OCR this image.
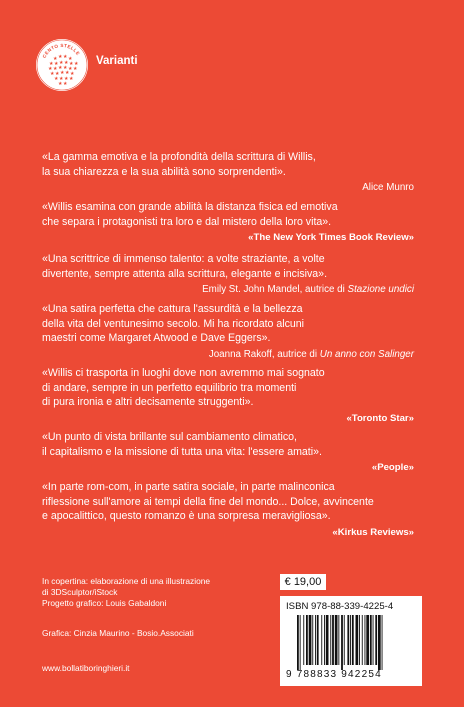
★ ★ ★ ★
★ ★ ★ ★ ★ ★
★ ★ ★ ★ ★ ★
★ ★ ★ ★ ★
★ ★ ★ ★
★ ★
CENTO STELLE
Varianti

«La gamma emotiva e la profondità della scrittura di Willis,
la sua chiarezza e la sua abilità sono sorprendenti».

Alice Munro

«Willis esamina con grande abilità la distanza fisica ed emotiva
che separa i protagonisti tra loro e dal mistero della loro vita».

«The New York Times Book Review»

«Una scrittrice di immenso talento: a volte straziante, a volte
divertente, sempre attenta alla scrittura, elegante e incisiva».

Emily St. John Mandel, autrice di Stazione undici

«Una satira perfetta che cattura l'assurdità e la bellezza
della vita del ventunesimo secolo. Mi ha ricordato alcuni
maestri come Margaret Atwood e Dave Eggers».

Joanna Rakoff, autrice di Un anno con Salinger

«Willis ci trasporta in luoghi dove non avremmo mai sognato
di andare, sempre in un perfetto equilibrio tra momenti
di pura ironia e altri decisamente struggenti».

«Toronto Star»

«Un punto di vista brillante sul cambiamento climatico,
il capitalismo e la missione di tutta una vita: l'essere amati».

«People»

«In parte rom-com, in parte satira sociale, in parte malinconica
riflessione sull'amore ai tempi della fine del mondo... Dolce, avvincente
e apocalittico, questo romanzo è una sorpresa meravigliosa».

«Kirkus Reviews»

In copertina: elaborazione di una illustrazione
di 3DSculptor/iStock
Progetto grafico: Louis Gabaldoni
Grafica: Cinzia Maurino - Bosio.Associati
www.bollatiboringhieri.it
€ 19,00
ISBN 978-88-339-4225-4
9 788833 942254
